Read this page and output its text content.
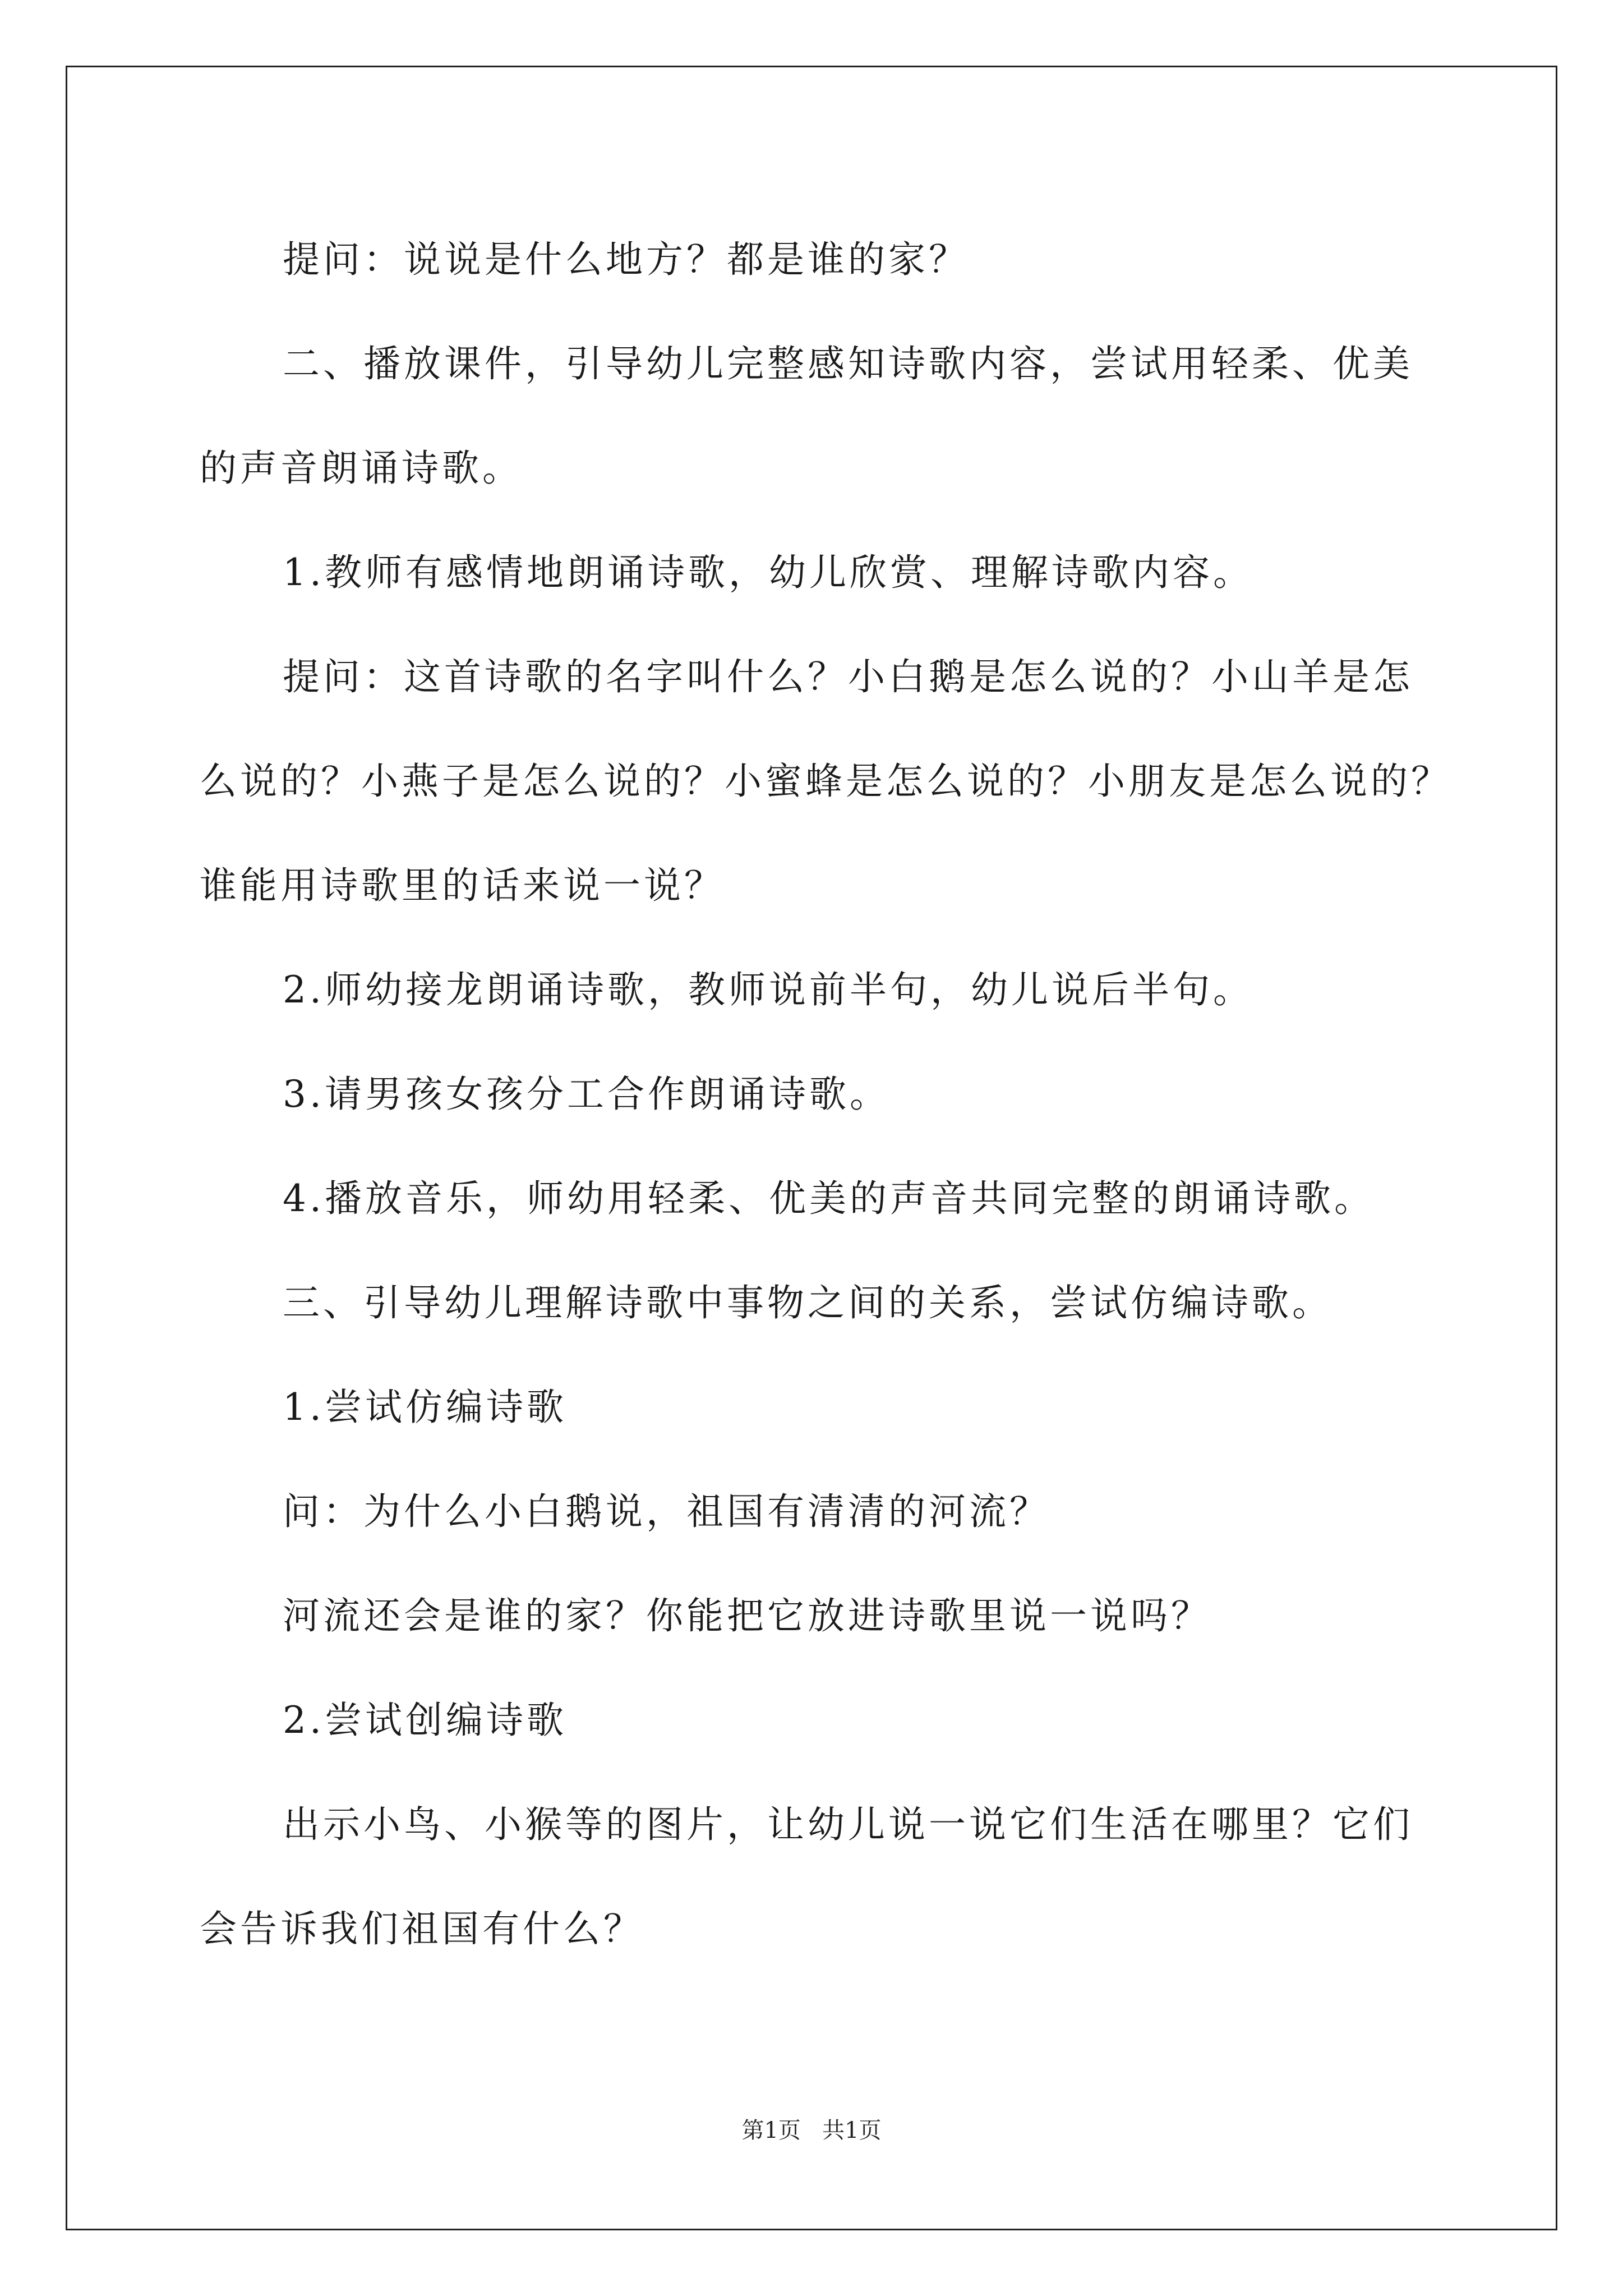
提问：说说是什么地方？都是谁的家？

二、播放课件，引导幼儿完整感知诗歌内容，尝试用轻柔、优美

的声音朗诵诗歌。

1.教师有感情地朗诵诗歌，幼儿欣赏、理解诗歌内容。

提问：这首诗歌的名字叫什么？小白鹅是怎么说的？小山羊是怎

么说的？小燕子是怎么说的？小蜜蜂是怎么说的？小朋友是怎么说的？

谁能用诗歌里的话来说一说？

2.师幼接龙朗诵诗歌，教师说前半句，幼儿说后半句。

3.请男孩女孩分工合作朗诵诗歌。

4.播放音乐，师幼用轻柔、优美的声音共同完整的朗诵诗歌。

三、引导幼儿理解诗歌中事物之间的关系，尝试仿编诗歌。

1.尝试仿编诗歌

问：为什么小白鹅说，祖国有清清的河流？

河流还会是谁的家？你能把它放进诗歌里说一说吗？

2.尝试创编诗歌

出示小鸟、小猴等的图片，让幼儿说一说它们生活在哪里？它们

会告诉我们祖国有什么？

第1页   共1页
